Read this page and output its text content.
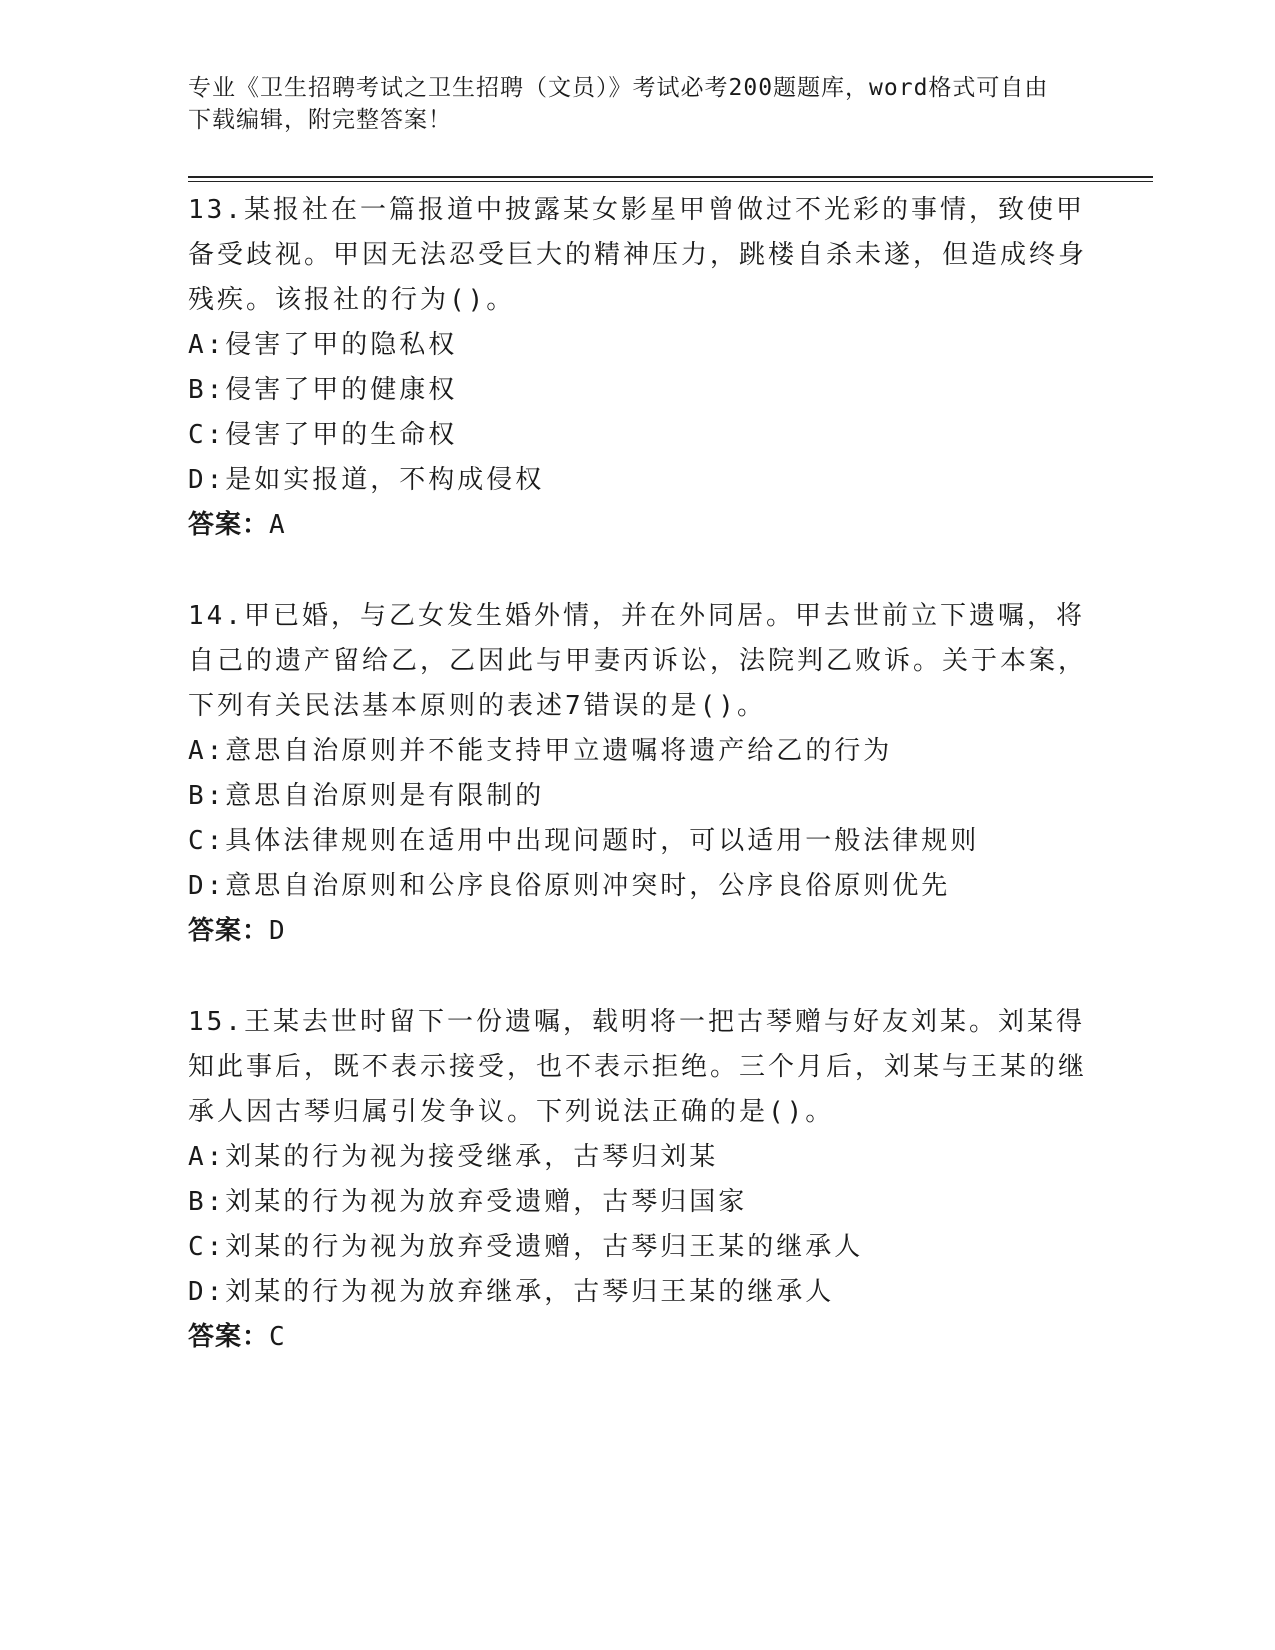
专业《卫生招聘考试之卫生招聘（文员）》考试必考200题题库，word格式可自由下载编辑，附完整答案！

13.某报社在一篇报道中披露某女影星甲曾做过不光彩的事情，致使甲备受歧视。甲因无法忍受巨大的精神压力，跳楼自杀未遂，但造成终身残疾。该报社的行为()。

A:侵害了甲的隐私权

B:侵害了甲的健康权

C:侵害了甲的生命权

D:是如实报道，不构成侵权

答案：A

14.甲已婚，与乙女发生婚外情，并在外同居。甲去世前立下遗嘱，将自己的遗产留给乙，乙因此与甲妻丙诉讼，法院判乙败诉。关于本案，下列有关民法基本原则的表述7错误的是()。

A:意思自治原则并不能支持甲立遗嘱将遗产给乙的行为

B:意思自治原则是有限制的

C:具体法律规则在适用中出现问题时，可以适用一般法律规则

D:意思自治原则和公序良俗原则冲突时，公序良俗原则优先

答案：D

15.王某去世时留下一份遗嘱，载明将一把古琴赠与好友刘某。刘某得知此事后，既不表示接受，也不表示拒绝。三个月后，刘某与王某的继承人因古琴归属引发争议。下列说法正确的是()。

A:刘某的行为视为接受继承，古琴归刘某

B:刘某的行为视为放弃受遗赠，古琴归国家

C:刘某的行为视为放弃受遗赠，古琴归王某的继承人

D:刘某的行为视为放弃继承，古琴归王某的继承人

答案：C
